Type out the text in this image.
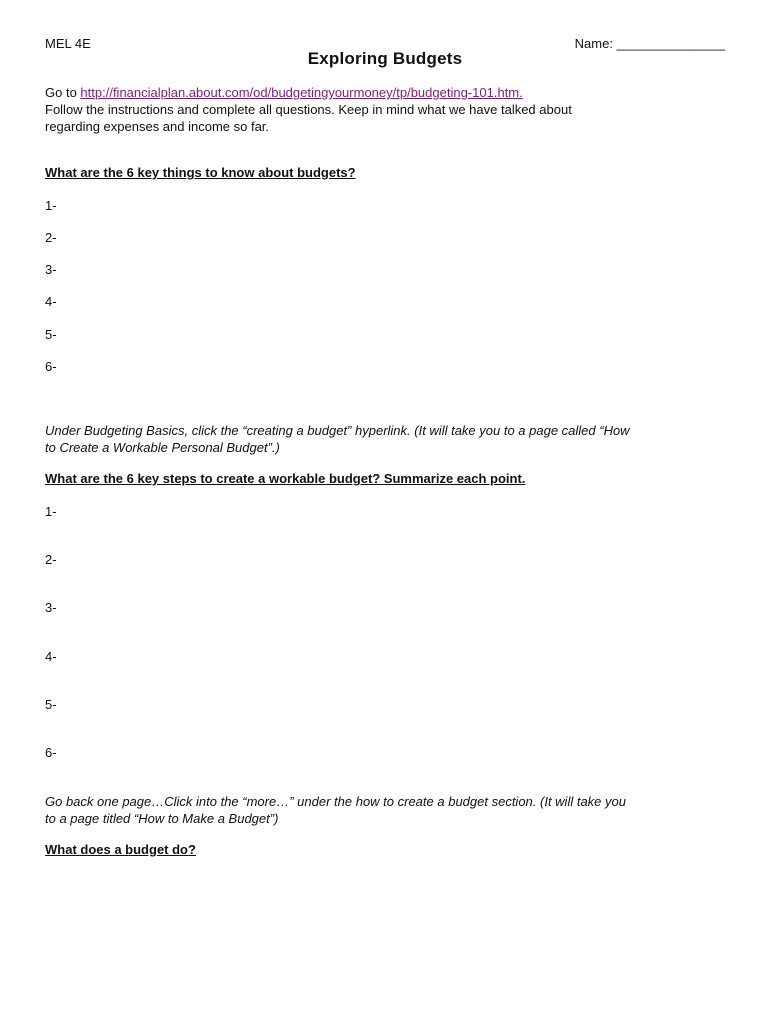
MEL 4E	Name: _______________
Exploring Budgets
Go to http://financialplan.about.com/od/budgetingyourmoney/tp/budgeting-101.htm.
Follow the instructions and complete all questions. Keep in mind what we have talked about
regarding expenses and income so far.
What are the 6 key things to know about budgets?
1-
2-
3-
4-
5-
6-
Under Budgeting Basics, click the “creating a budget” hyperlink. (It will take you to a page called “How
to Create a Workable Personal Budget”.)
What are the 6 key steps to create a workable budget? Summarize each point.
1-
2-
3-
4-
5-
6-
Go back one page…Click into the “more…” under the how to create a budget section. (It will take you
to a page titled “How to Make a Budget”)
What does a budget do?
